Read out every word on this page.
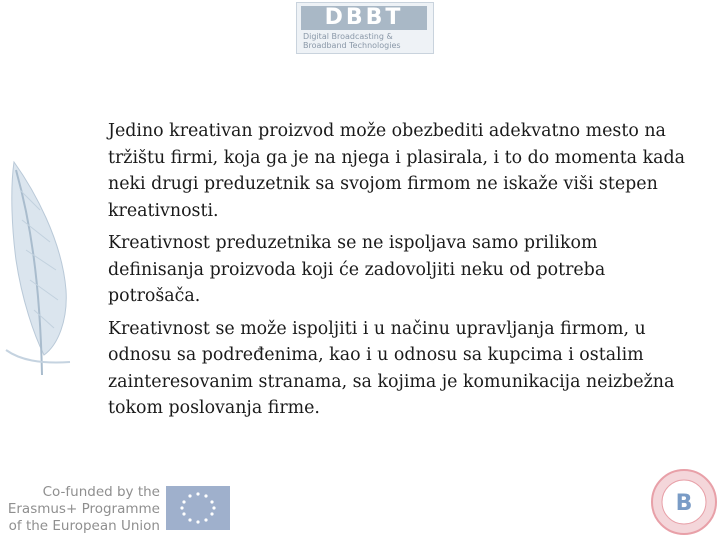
DBBT
Digital Broadcasting &
Broadband Technologies

Jedino kreativan proizvod može obezbediti adekvatno mesto na tržištu firmi, koja ga je na njega i plasirala, i to do momenta kada neki drugi preduzetnik sa svojom firmom ne iskaže viši stepen kreativnosti.

Kreativnost preduzetnika se ne ispoljava samo prilikom definisanja proizvoda koji će zadovoljiti neku od potreba potrošača.

Kreativnost se može ispoljiti i u načinu upravljanja firmom, u odnosu sa podređenima, kao i u odnosu sa kupcima i ostalim zainteresovanim stranama, sa kojima je komunikacija neizbežna tokom poslovanja firme.

Co-funded by the
Erasmus+ Programme
of the European Union
B
